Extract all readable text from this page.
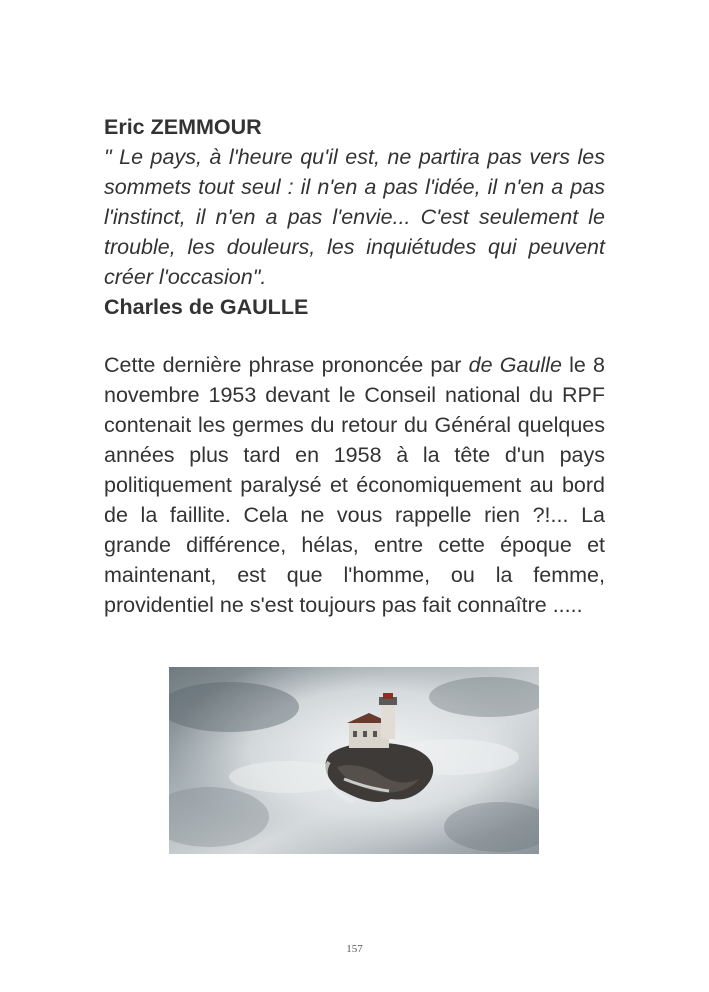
Eric ZEMMOUR
" Le pays, à l'heure qu'il est, ne partira pas vers les sommets tout seul : il n'en a pas l'idée, il n'en a pas l'instinct, il n'en a pas l'envie... C'est seulement le trouble, les douleurs, les inquiétudes qui peuvent créer l'occasion".
Charles de GAULLE
Cette dernière phrase prononcée par de Gaulle le 8 novembre 1953 devant le Conseil national du RPF contenait les germes du retour du Général quelques années plus tard en 1958 à la tête d'un pays politiquement paralysé et économiquement au bord de la faillite. Cela ne vous rappelle rien ?!... La grande différence, hélas, entre cette époque et maintenant, est que l'homme, ou la femme, providentiel ne s'est toujours pas fait connaître .....
157
